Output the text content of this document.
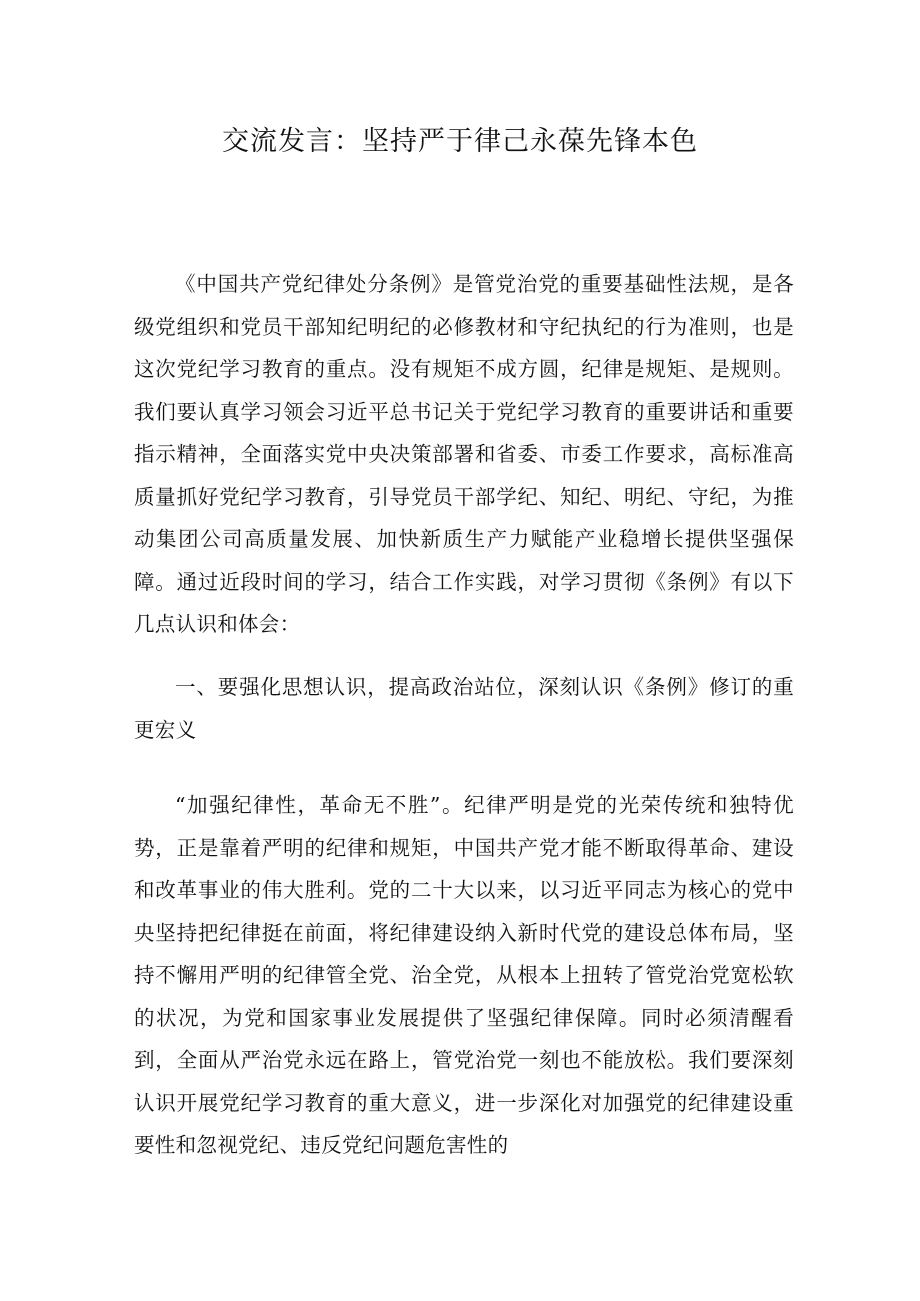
交流发言：坚持严于律己永葆先锋本色

《中国共产党纪律处分条例》是管党治党的重要基础性法规，是各级党组织和党员干部知纪明纪的必修教材和守纪执纪的行为准则，也是这次党纪学习教育的重点。没有规矩不成方圆，纪律是规矩、是规则。我们要认真学习领会习近平总书记关于党纪学习教育的重要讲话和重要指示精神，全面落实党中央决策部署和省委、市委工作要求，高标准高质量抓好党纪学习教育，引导党员干部学纪、知纪、明纪、守纪，为推动集团公司高质量发展、加快新质生产力赋能产业稳增长提供坚强保障。通过近段时间的学习，结合工作实践，对学习贯彻《条例》有以下几点认识和体会：

一、要强化思想认识，提高政治站位，深刻认识《条例》修订的重更宏义

“加强纪律性，革命无不胜”。纪律严明是党的光荣传统和独特优势，正是靠着严明的纪律和规矩，中国共产党才能不断取得革命、建设和改革事业的伟大胜利。党的二十大以来，以习近平同志为核心的党中央坚持把纪律挺在前面，将纪律建设纳入新时代党的建设总体布局，坚持不懈用严明的纪律管全党、治全党，从根本上扭转了管党治党宽松软的状况，为党和国家事业发展提供了坚强纪律保障。同时必须清醒看到，全面从严治党永远在路上，管党治党一刻也不能放松。我们要深刻认识开展党纪学习教育的重大意义，进一步深化对加强党的纪律建设重要性和忽视党纪、违反党纪问题危害性的
